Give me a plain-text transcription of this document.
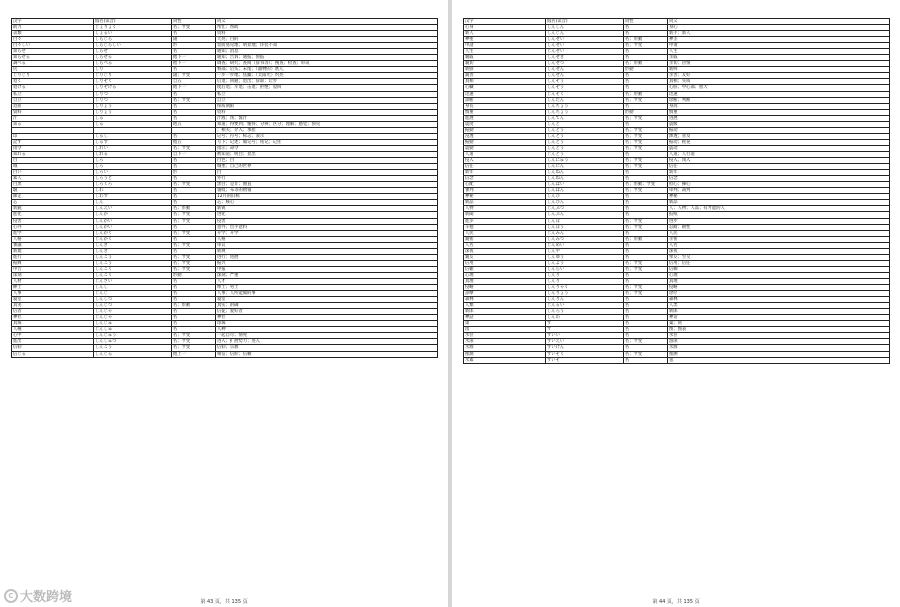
汉字	假名(读音)	词性	词义
助力	じょりょく	名；サ变	帮忙；帮助
書類	しょるい	名	资料
白々	しらじら	副	天亮；白的
白々しい	しらじらしい	形	显而易见地；明显地；佯装不知
知らせ	しらせ	名	通知；消息
知らせる	しらせる	他下一	通知；告诉；通报；预报
調べる	しらべる	他下一	调查；研究；查阅（辞书等）；搜查；检查；审讯
尻	しり	名	臀部；后头；末尾；（器物的）底儿
じりじり	じりじり	副；サ变	一步一步地；焦躁；（太阳光）灼热
退く	しりぞく	自五	后退；回避；退出；辞职；让步
退ける	しりぞける	他下一	使后退；斥退；击退；拒绝；驳回
私立	しりつ	名	私立
自立	じりつ	名；サ变	自立
退屈	しりょう	名	保质期限
資料	しりょう	名	资料
汁	しる	名	汁液；汤；酱汁
知る	しる	他五	知道；得要到；懂得；分辨；区分；理解；感觉；预见
			；相关；介入；承担
印	しるし	名	记号；符号；标志；表示
記す	しるす	他五	写下；记述；做记号；铭记；记住
指令	しれい	名；サ变	指示；命令
知れる	しれる	自下一	被知道；明白；显出
白	しろ	名	白色；白
城	しろ	名	城堡；自己的世界
白い	しろい	形	白
素人	しろうと	名	外行
白黒	しろくろ	名；サ变	黑白；是非；曲直
皺	しわ	名	皱纹；布等的褶皱
師走	しわす	名	12月的旧称
芯	しん	名	芯；核心
新鋭	しんえい	名；形動	新锐
進化	しんか	名；サ变	进化
侵害	しんがい	名；サ变	侵害
心外	しんがい	名	意外；出乎意料
進学	しんがく	名；サ变	升学；升学
人格	じんかく	名	人格
審議	しんぎ	名；サ变	审议
新規	しんき	名	新规
進行	しんこう	名；サ变	进行；进展
振興	しんこう	名；サ变	振兴
申告	しんこく	名；サ变	申报
深刻	しんこく	形動	深刻；严重
人材	じんざい	名	人才
紳士	しんし	名	绅士；男士
人事	じんじ	名	人事；人所能做的事
寝室	しんしつ	名	寝室
真実	しんじつ	名；形動	真实；的确
信者	しんじゃ	名	信徒；爱好者
神社	じんじゃ	名	神社
真珠	しんじゅ	名	珍珠
人種	じんしゅ	名	人种
心中	しんじゅう	名；サ变	一起自尽；情死
進出	しんしゅつ	名；サ变	进入；扩展势力；进入
信仰	しんこう	名；サ变	信仰；宗教
信じる	しんじる	他上一	相信；信仰；信赖
第 43 页，共 135 页
C 大数跨境
汉字	假名(读音)	词性	词义
心身	しんしん	名	身心
新人	しんじん	名	新手；新人
神聖	しんせい	名；形動	神圣
申請	しんせい	名；サ变	申请
人生	じんせい	名	人生
親戚	しんせき	名	亲戚
親切	しんせつ	名；形動	亲切；热情
新鮮	しんせん	形動	新鲜
親善	しんぜん	名	亲善；友好
真相	しんそう	名	真相；实质
心臓	しんぞう	名	心脏；中心部；胆大
迅速	じんそく	名；形動	迅速
診断	しんだん	名；サ变	诊断；判断
身長	しんちょう	名	身高
慎重	しんちょう	形動	慎重
進展	しんてん	名；サ变	进展
震度	しんど	名	震级
振動	しんどう	名；サ变	振动
浸透	しんとう	名；サ变	渗透；普及
振動	しんどう	名；サ变	振动；摇晃
震動	しんどう	名；サ变	震动
人道	じんどう	名	人道；人行道
侵入	しんにゅう	名；サ变	侵入；闯入
信任	しんにん	名；サ变	信任
新年	しんねん	名	新年
信念	しんねん	名	信念
心配	しんぱい	名；形動；サ变	担心；操心
審判	しんぱん	名；サ变	审判；裁判
神秘	しんぴ	名	神秘
新品	しんぴん	名	新品
人物	じんぶつ	名	人；人物；人品；有才能的人
新聞	しんぶん	名	报纸
進歩	しんぽ	名；サ变	进步
辛抱	しんぼう	名；サ变	忍耐；耐性
人民	じんみん	名	人民
親密	しんみつ	名；形動	亲密
人名	じんめい	名	人名
深夜	しんや	名	深夜
親友	しんゆう	名	挚友；至交
信用	しんよう	名；サ变	信用；信任
信頼	しんらい	名；サ变	信赖
心理	しんり	名	心理
真理	しんり	名	真理
侵略	しんりゃく	名；サ变	侵略
診療	しんりょう	名；サ变	诊疗
森林	しんりん	名	森林
人類	じんるい	名	人类
新郎	しんろう	名	新郎
神話	しんわ	名	神话
巣	す	名	巢；窝
図	ず	名	图；图表
水位	すいい	名	水位
水泳	すいえい	名；サ变	游泳
水源	すいげん	名	水源
推測	すいそく	名；サ变	推测
水素	すいそ	名	氢
第 44 页，共 135 页
